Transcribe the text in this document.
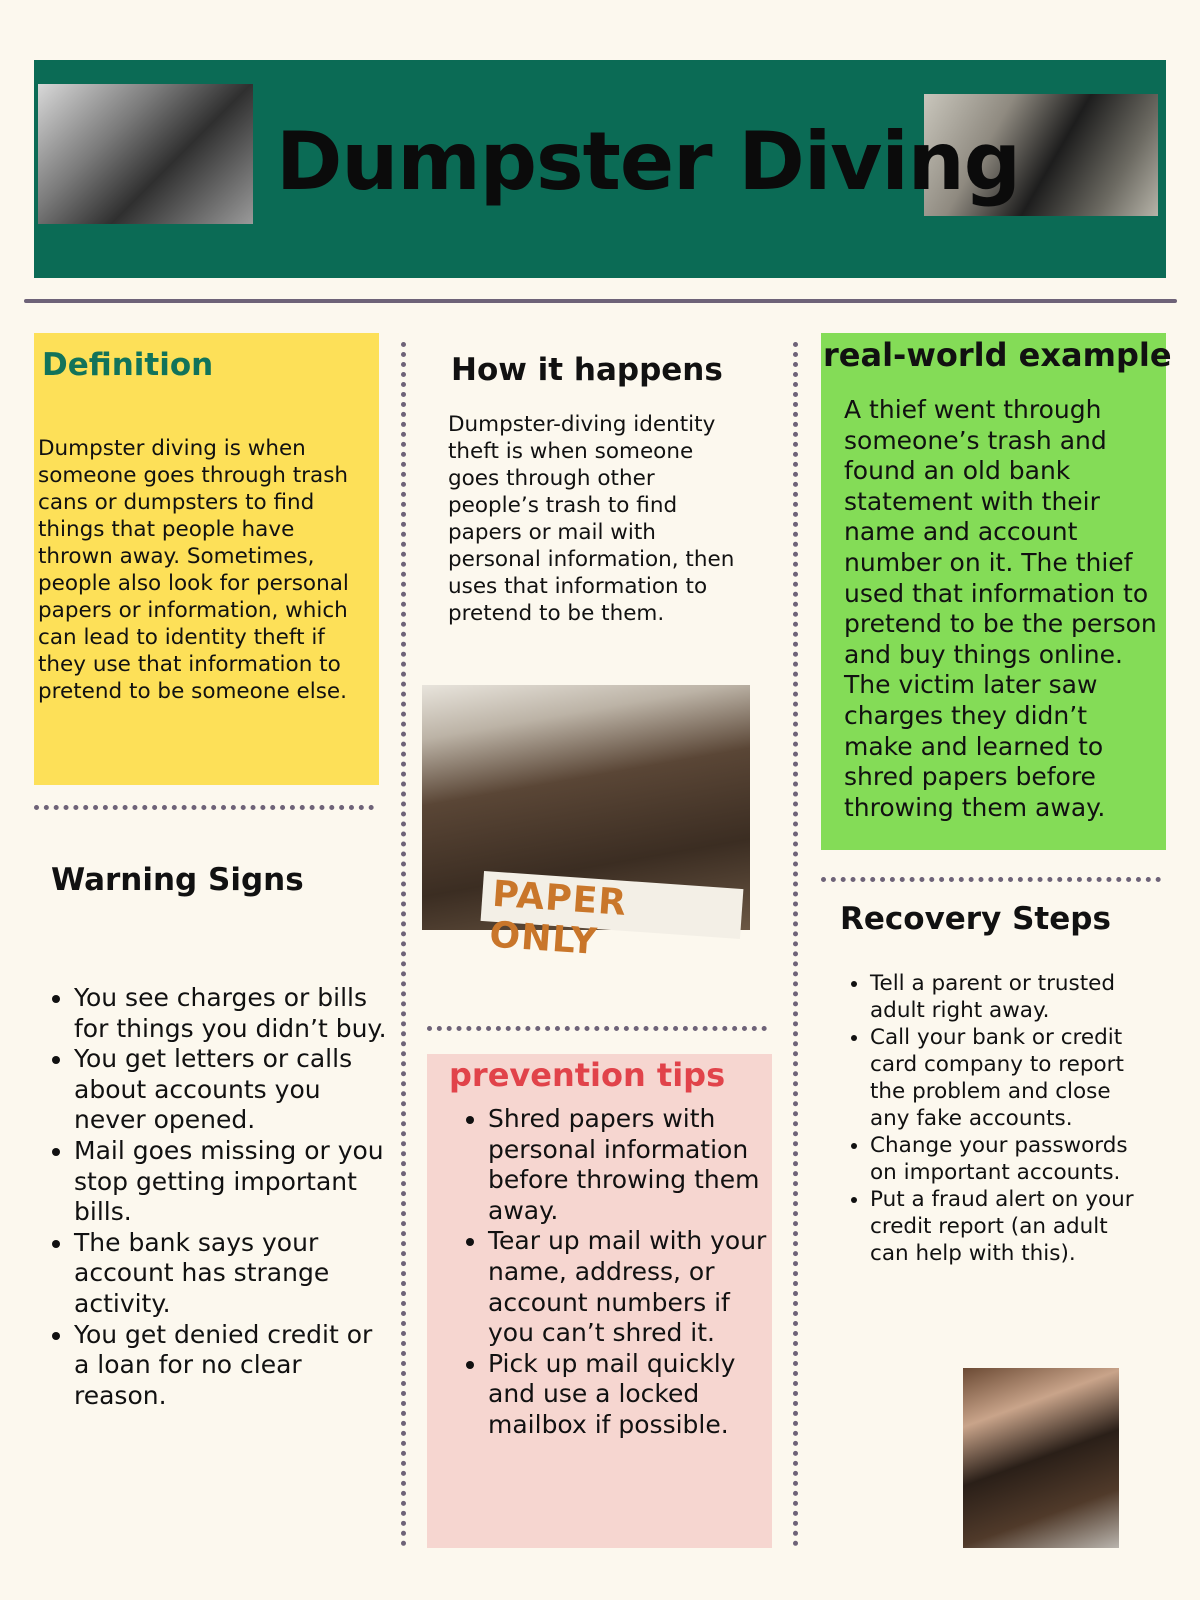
Dumpster Diving
Definition
Dumpster diving is when someone goes through trash cans or dumpsters to find things that people have thrown away. Sometimes, people also look for personal papers or information, which can lead to identity theft if they use that information to pretend to be someone else.
How it happens
Dumpster-diving identity theft is when someone goes through other people’s trash to find papers or mail with personal information, then uses that information to pretend to be them.
PAPER ONLY
real-world example
A thief went through someone’s trash and found an old bank statement with their name and account number on it. The thief used that information to pretend to be the person and buy things online. The victim later saw charges they didn’t make and learned to shred papers before throwing them away.
Warning Signs
• You see charges or bills for things you didn’t buy.
• You get letters or calls about accounts you never opened.
• Mail goes missing or you stop getting important bills.
• The bank says your account has strange activity.
• You get denied credit or a loan for no clear reason.
prevention tips
• Shred papers with personal information before throwing them away.
• Tear up mail with your name, address, or account numbers if you can’t shred it.
• Pick up mail quickly and use a locked mailbox if possible.
Recovery Steps
• Tell a parent or trusted adult right away.
• Call your bank or credit card company to report the problem and close any fake accounts.
• Change your passwords on important accounts.
• Put a fraud alert on your credit report (an adult can help with this).
